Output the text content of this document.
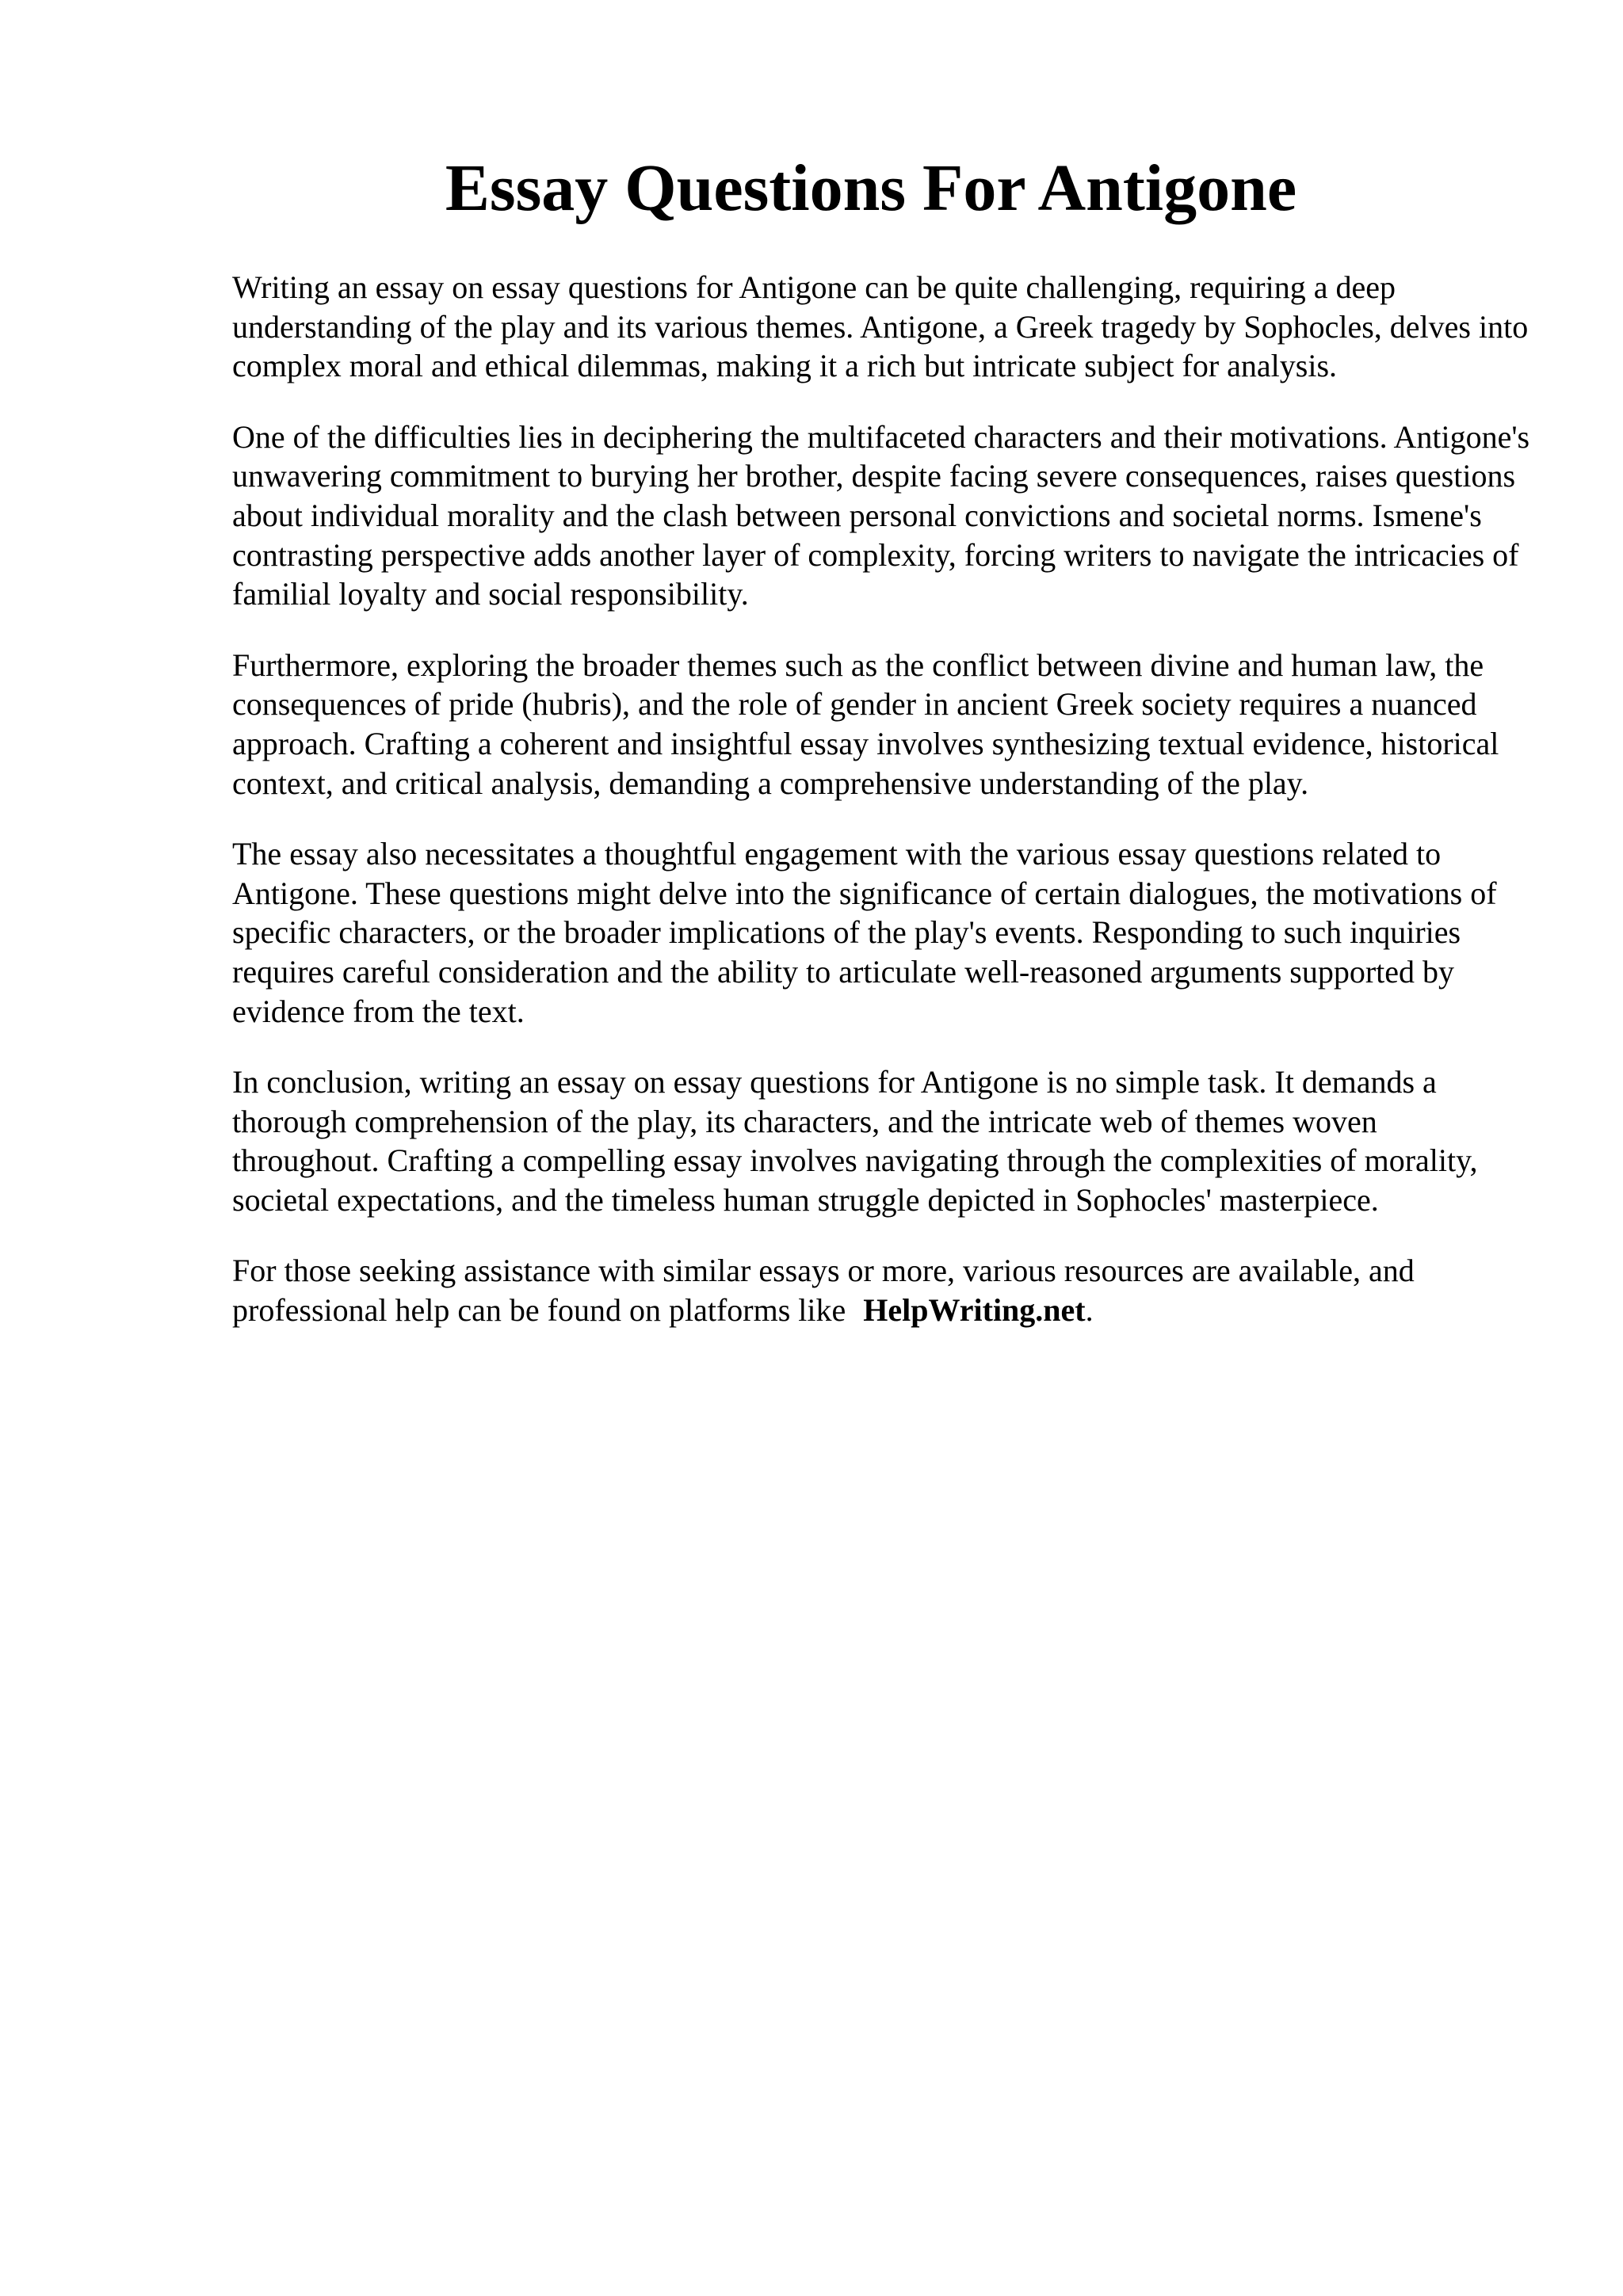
Essay Questions For Antigone

Writing an essay on essay questions for Antigone can be quite challenging, requiring a deep understanding of the play and its various themes. Antigone, a Greek tragedy by Sophocles, delves into complex moral and ethical dilemmas, making it a rich but intricate subject for analysis.

One of the difficulties lies in deciphering the multifaceted characters and their motivations. Antigone's unwavering commitment to burying her brother, despite facing severe consequences, raises questions about individual morality and the clash between personal convictions and societal norms. Ismene's contrasting perspective adds another layer of complexity, forcing writers to navigate the intricacies of familial loyalty and social responsibility.

Furthermore, exploring the broader themes such as the conflict between divine and human law, the consequences of pride (hubris), and the role of gender in ancient Greek society requires a nuanced approach. Crafting a coherent and insightful essay involves synthesizing textual evidence, historical context, and critical analysis, demanding a comprehensive understanding of the play.

The essay also necessitates a thoughtful engagement with the various essay questions related to Antigone. These questions might delve into the significance of certain dialogues, the motivations of specific characters, or the broader implications of the play's events. Responding to such inquiries requires careful consideration and the ability to articulate well-reasoned arguments supported by evidence from the text.

In conclusion, writing an essay on essay questions for Antigone is no simple task. It demands a thorough comprehension of the play, its characters, and the intricate web of themes woven throughout. Crafting a compelling essay involves navigating through the complexities of morality, societal expectations, and the timeless human struggle depicted in Sophocles' masterpiece.

For those seeking assistance with similar essays or more, various resources are available, and professional help can be found on platforms like HelpWriting.net.
